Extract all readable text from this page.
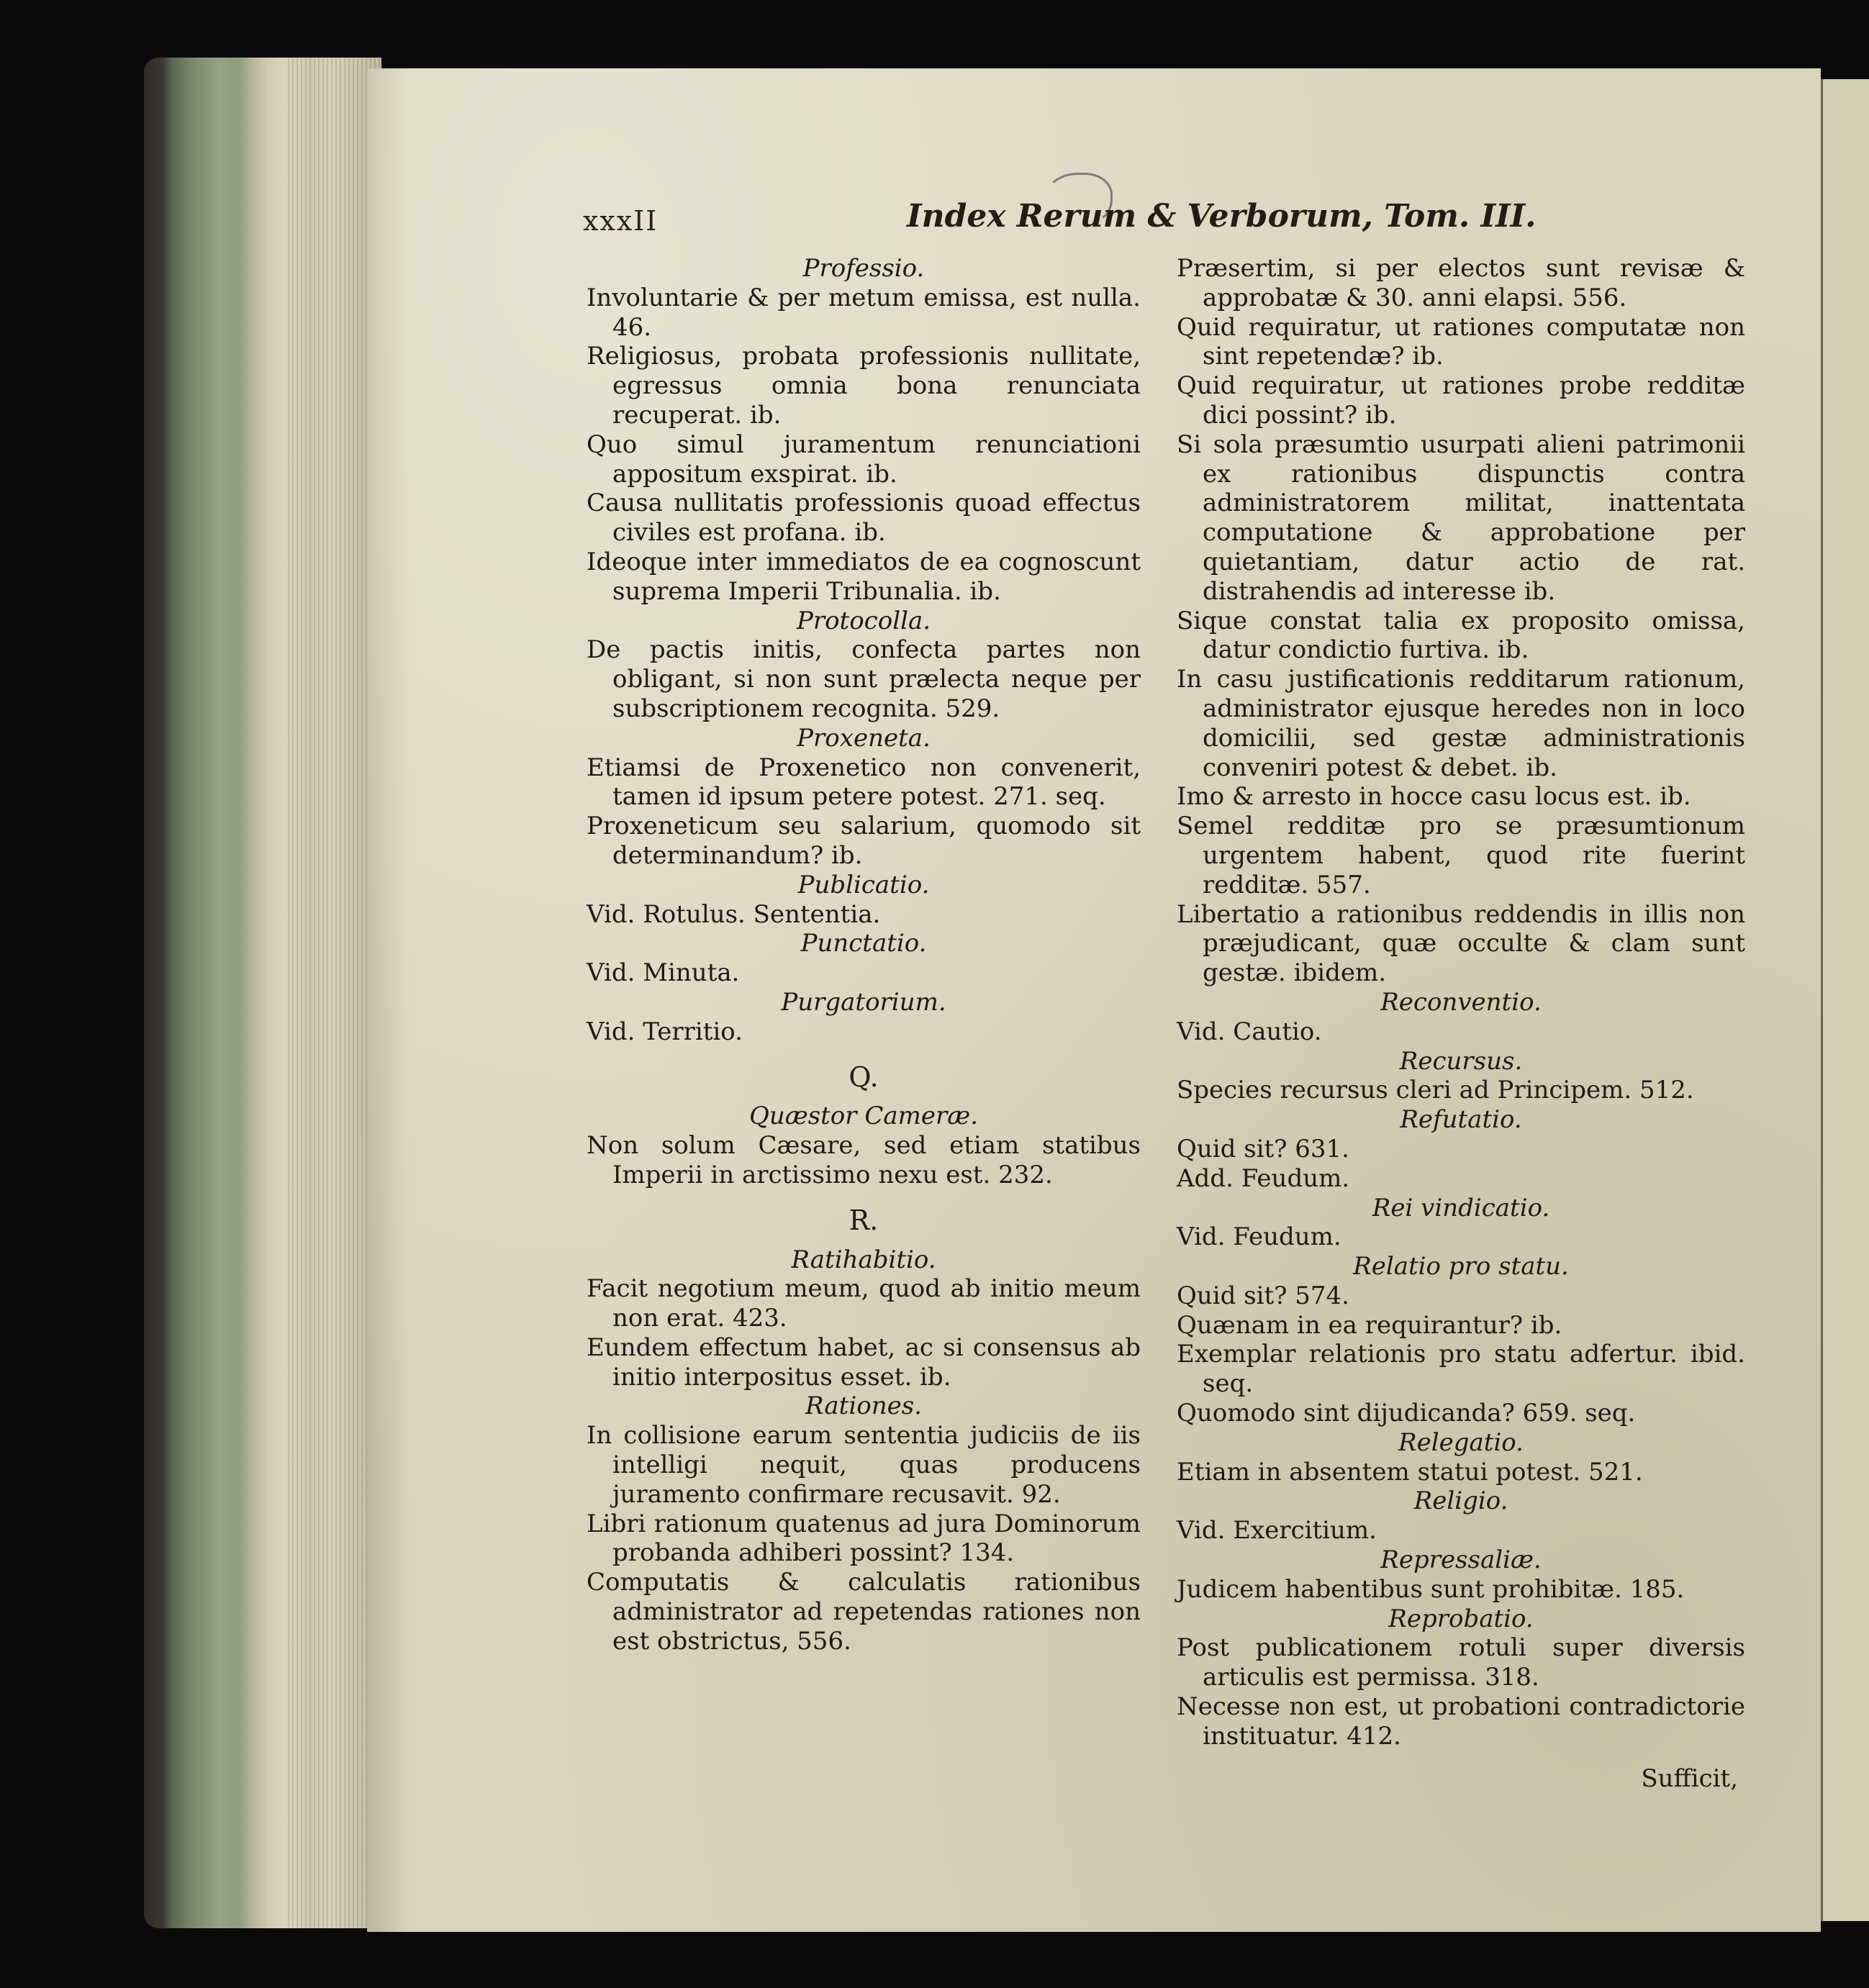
xxxII	Index Rerum & Verborum, Tom. III.
Professio.
Involuntarie & per metum emissa, est nulla. 46.
Religiosus, probata professionis nullitate, egressus omnia bona renunciata recuperat. ib.
Quo simul juramentum renunciationi appositum exspirat. ib.
Causa nullitatis professionis quoad effectus civiles est profana. ib.
Ideoque inter immediatos de ea cognoscunt suprema Imperii Tribunalia. ib.
Protocolla.
De pactis initis, confecta partes non obligant, si non sunt prælecta neque per subscriptionem recognita. 529.
Proxeneta.
Etiamsi de Proxenetico non convenerit, tamen id ipsum petere potest. 271. seq.
Proxeneticum seu salarium, quomodo sit determinandum? ib.
Publicatio.
Vid. Rotulus. Sententia.
Punctatio.
Vid. Minuta.
Purgatorium.
Vid. Territio.
Q.
Quæstor Cameræ.
Non solum Cæsare, sed etiam statibus Imperii in arctissimo nexu est. 232.
R.
Ratihabitio.
Facit negotium meum, quod ab initio meum non erat. 423.
Eundem effectum habet, ac si consensus ab initio interpositus esset. ib.
Rationes.
In collisione earum sententia judiciis de iis intelligi nequit, quas producens juramento confirmare recusavit. 92.
Libri rationum quatenus ad jura Dominorum probanda adhiberi possint? 134.
Computatis & calculatis rationibus administrator ad repetendas rationes non est obstrictus, 556.
Præsertim, si per electos sunt revisæ & approbatæ & 30. anni elapsi. 556.
Quid requiratur, ut rationes computatæ non sint repetendæ? ib.
Quid requiratur, ut rationes probe redditæ dici possint? ib.
Si sola præsumtio usurpati alieni patrimonii ex rationibus dispunctis contra administratorem militat, inattentata computatione & approbatione per quietantiam, datur actio de rat. distrahendis ad interesse ib.
Sique constat talia ex proposito omissa, datur condictio furtiva. ib.
In casu justificationis redditarum rationum, administrator ejusque heredes non in loco domicilii, sed gestæ administrationis conveniri potest & debet. ib.
Imo & arresto in hocce casu locus est. ib.
Semel redditæ pro se præsumtionum urgentem habent, quod rite fuerint redditæ. 557.
Libertatio a rationibus reddendis in illis non præjudicant, quæ occulte & clam sunt gestæ. ibidem.
Reconventio.
Vid. Cautio.
Recursus.
Species recursus cleri ad Principem. 512.
Refutatio.
Quid sit? 631.
Add. Feudum.
Rei vindicatio.
Vid. Feudum.
Relatio pro statu.
Quid sit? 574.
Quænam in ea requirantur? ib.
Exemplar relationis pro statu adfertur. ibid. seq.
Quomodo sint dijudicanda? 659. seq.
Relegatio.
Etiam in absentem statui potest. 521.
Religio.
Vid. Exercitium.
Repressaliæ.
Judicem habentibus sunt prohibitæ. 185.
Reprobatio.
Post publicationem rotuli super diversis articulis est permissa. 318.
Necesse non est, ut probationi contradictorie instituatur. 412.
Sufficit,
